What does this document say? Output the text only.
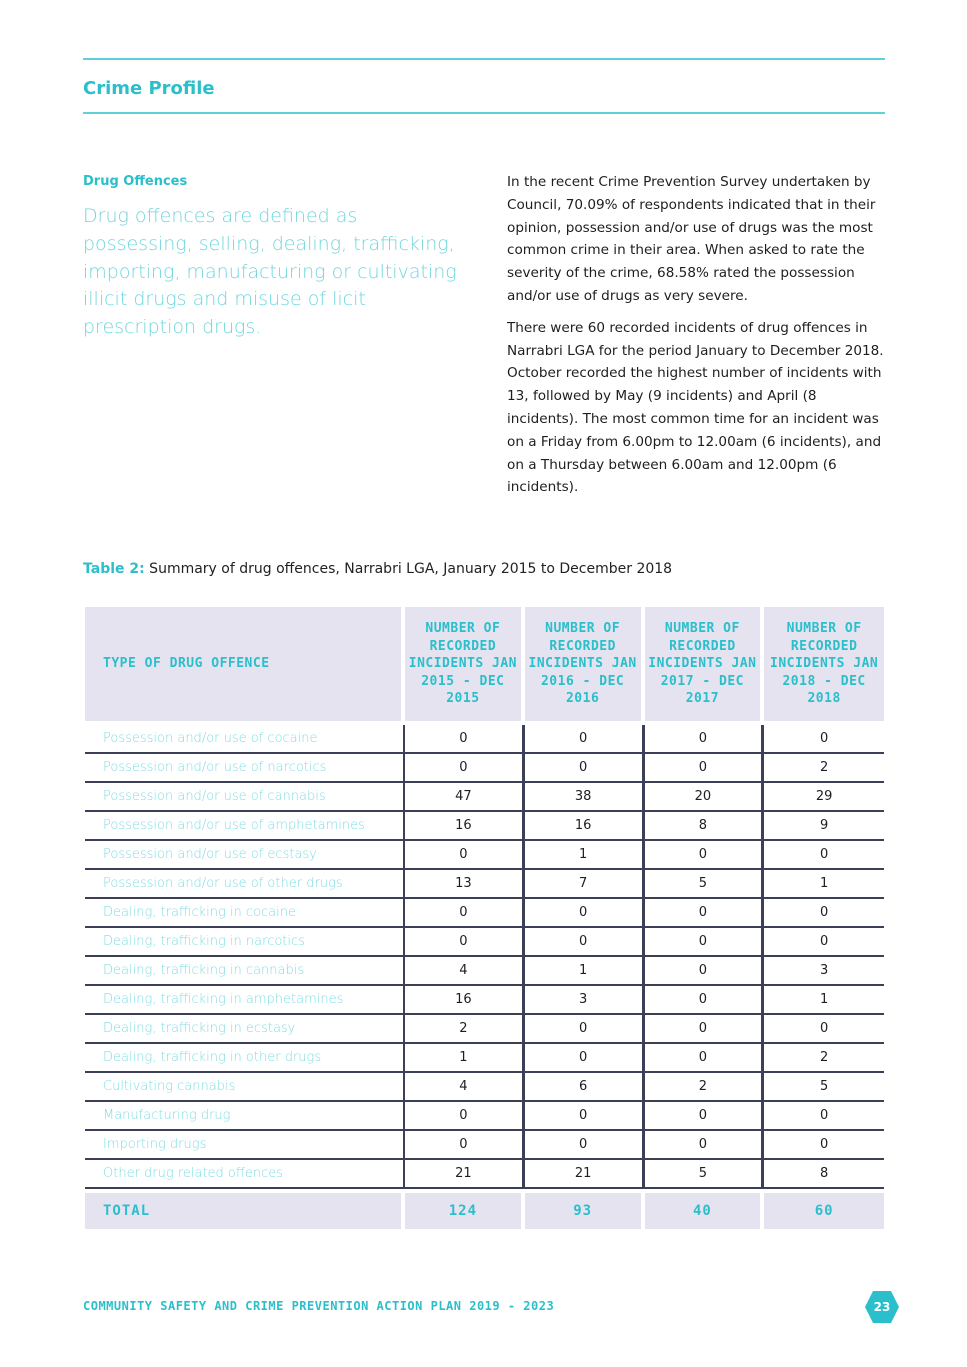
Crime Profile
Drug Offences
Drug offences are defined as possessing, selling, dealing, trafficking, importing, manufacturing or cultivating illicit drugs and misuse of licit prescription drugs.

In the recent Crime Prevention Survey undertaken by Council, 70.09% of respondents indicated that in their opinion, possession and/or use of drugs was the most common crime in their area. When asked to rate the severity of the crime, 68.58% rated the possession and/or use of drugs as very severe.

There were 60 recorded incidents of drug offences in Narrabri LGA for the period January to December 2018. October recorded the highest number of incidents with 13, followed by May (9 incidents) and April (8 incidents). The most common time for an incident was on a Friday from 6.00pm to 12.00am (6 incidents), and on a Thursday between 6.00am and 12.00pm (6 incidents).

Table 2: Summary of drug offences, Narrabri LGA, January 2015 to December 2018
TYPE OF DRUG OFFENCE	NUMBER OF RECORDED INCIDENTS JAN 2015 - DEC 2015	NUMBER OF RECORDED INCIDENTS JAN 2016 - DEC 2016	NUMBER OF RECORDED INCIDENTS JAN 2017 - DEC 2017	NUMBER OF RECORDED INCIDENTS JAN 2018 - DEC 2018

Possession and/or use of cocaine	0	0	0	0
Possession and/or use of narcotics	0	0	0	2
Possession and/or use of cannabis	47	38	20	29
Possession and/or use of amphetamines	16	16	8	9
Possession and/or use of ecstasy	0	1	0	0
Possession and/or use of other drugs	13	7	5	1
Dealing, trafficking in cocaine	0	0	0	0
Dealing, trafficking in narcotics	0	0	0	0
Dealing, trafficking in cannabis	4	1	0	3
Dealing, trafficking in amphetamines	16	3	0	1
Dealing, trafficking in ecstasy	2	0	0	0
Dealing, trafficking in other drugs	1	0	0	2
Cultivating cannabis	4	6	2	5
Manufacturing drug	0	0	0	0
Importing drugs	0	0	0	0
Other drug related offences	21	21	5	8

TOTAL	124	93	40	60
COMMUNITY SAFETY AND CRIME PREVENTION ACTION PLAN 2019 - 2023	23
